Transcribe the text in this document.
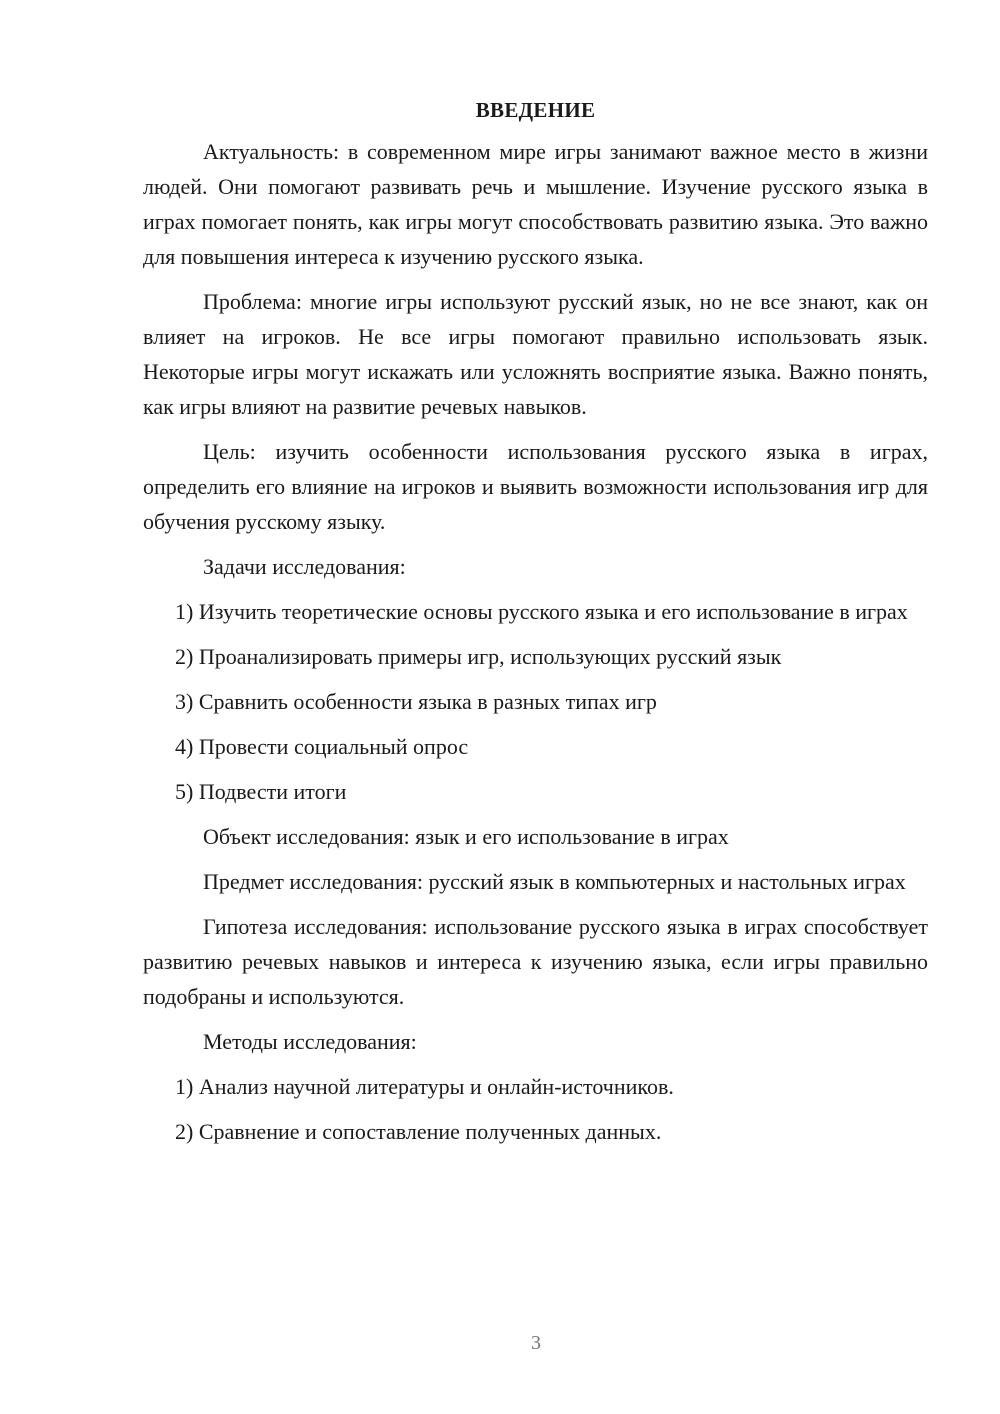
ВВЕДЕНИЕ

Актуальность: в современном мире игры занимают важное место в жизни людей. Они помогают развивать речь и мышление. Изучение русского языка в играх помогает понять, как игры могут способствовать развитию языка. Это важно для повышения интереса к изучению русского языка.

Проблема: многие игры используют русский язык, но не все знают, как он влияет на игроков. Не все игры помогают правильно использовать язык. Некоторые игры могут искажать или усложнять восприятие языка. Важно понять, как игры влияют на развитие речевых навыков.

Цель: изучить особенности использования русского языка в играх, определить его влияние на игроков и выявить возможности использования игр для обучения русскому языку.

Задачи исследования:

1) Изучить теоретические основы русского языка и его использование в играх

2) Проанализировать примеры игр, использующих русский язык

3) Сравнить особенности языка в разных типах игр

4) Провести социальный опрос

5) Подвести итоги

Объект исследования: язык и его использование в играх

Предмет исследования: русский язык в компьютерных и настольных играх

Гипотеза исследования: использование русского языка в играх способствует развитию речевых навыков и интереса к изучению языка, если игры правильно подобраны и используются.

Методы исследования:

1) Анализ научной литературы и онлайн-источников.

2) Сравнение и сопоставление полученных данных.

3
